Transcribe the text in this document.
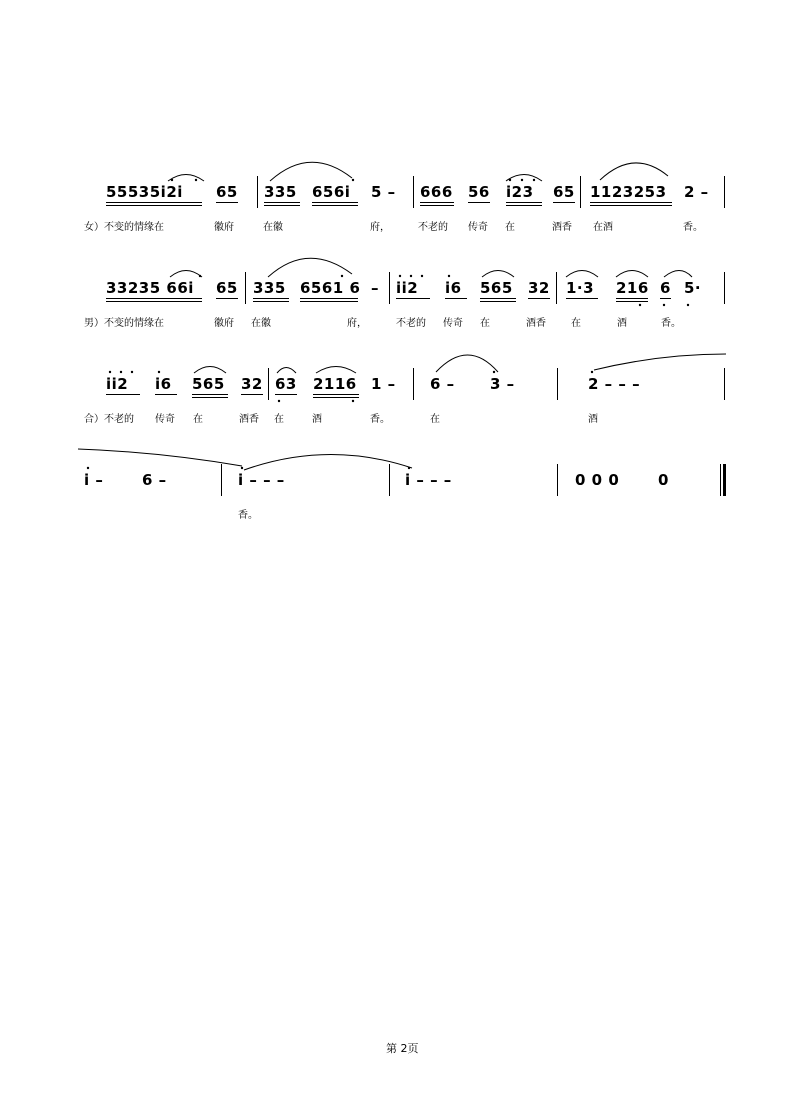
55535i2i 65 335 656i 5 – 666 56 i23 65 1123253 2 –
女）不变的情缘在	徽府	在徽	府，	不老的 传奇 在	酒香 在酒	香。
33235 66i 65 335 6561 6 – ii2 i6 565 32 1·3 216 6 5·
男）不变的情缘在	徽府 在徽	府，	不老的 传奇 在	酒香	在	酒	香。
ii2 i6 565 32 63 2116 1 – 6 – 3 –	2 – – –
合）不老的 传奇 在	酒香 在	酒	香。	在	酒
i –	6 –	i – – –	i – – –	0 0 0	0
香。
第 2页
